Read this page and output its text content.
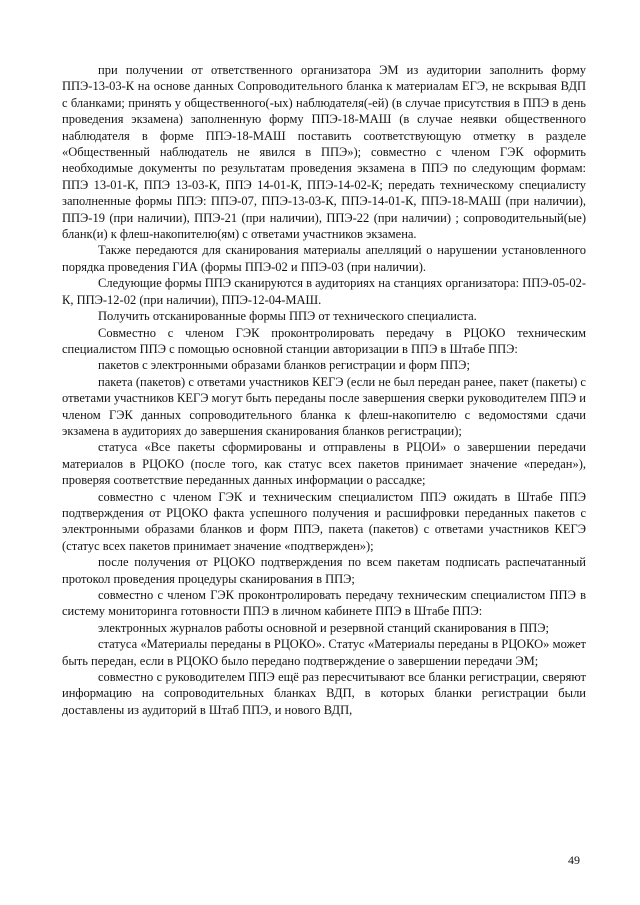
при получении от ответственного организатора ЭМ из аудитории заполнить форму ППЭ-13-03-К на основе данных Сопроводительного бланка к материалам ЕГЭ, не вскрывая ВДП с бланками; принять у общественного(-ых) наблюдателя(-ей) (в случае присутствия в ППЭ в день проведения экзамена) заполненную форму ППЭ-18-МАШ (в случае неявки общественного наблюдателя в форме ППЭ-18-МАШ поставить соответствующую отметку в разделе «Общественный наблюдатель не явился в ППЭ»); совместно с членом ГЭК оформить необходимые документы по результатам проведения экзамена в ППЭ по следующим формам: ППЭ 13-01-К, ППЭ 13-03-К, ППЭ 14-01-К, ППЭ-14-02-К; передать техническому специалисту заполненные формы ППЭ: ППЭ-07, ППЭ-13-03-К, ППЭ-14-01-К, ППЭ-18-МАШ (при наличии), ППЭ-19 (при наличии), ППЭ-21 (при наличии), ППЭ-22 (при наличии) ; сопроводительный(ые) бланк(и) к флеш-накопителю(ям) с ответами участников экзамена.

Также передаются для сканирования материалы апелляций о нарушении установленного порядка проведения ГИА (формы ППЭ-02 и ППЭ-03 (при наличии).

Следующие формы ППЭ сканируются в аудиториях на станциях организатора: ППЭ-05-02-К, ППЭ-12-02 (при наличии), ППЭ-12-04-МАШ.

Получить отсканированные формы ППЭ от технического специалиста.

Совместно с членом ГЭК проконтролировать передачу в РЦОКО техническим специалистом ППЭ с помощью основной станции авторизации в ППЭ в Штабе ППЭ:

пакетов с электронными образами бланков регистрации и форм ППЭ;

пакета (пакетов) с ответами участников КЕГЭ (если не был передан ранее, пакет (пакеты) с ответами участников КЕГЭ могут быть переданы после завершения сверки руководителем ППЭ и членом ГЭК данных сопроводительного бланка к флеш-накопителю с ведомостями сдачи экзамена в аудиториях до завершения сканирования бланков регистрации);

статуса «Все пакеты сформированы и отправлены в РЦОИ» о завершении передачи материалов в РЦОКО (после того, как статус всех пакетов принимает значение «передан»), проверяя соответствие переданных данных информации о рассадке;

совместно с членом ГЭК и техническим специалистом ППЭ ожидать в Штабе ППЭ подтверждения от РЦОКО факта успешного получения и расшифровки переданных пакетов с электронными образами бланков и форм ППЭ, пакета (пакетов) с ответами участников КЕГЭ (статус всех пакетов принимает значение «подтвержден»);

после получения от РЦОКО подтверждения по всем пакетам подписать распечатанный протокол проведения процедуры сканирования в ППЭ;

совместно с членом ГЭК проконтролировать передачу техническим специалистом ППЭ в систему мониторинга готовности ППЭ в личном кабинете ППЭ в Штабе ППЭ:

электронных журналов работы основной и резервной станций сканирования в ППЭ;

статуса «Материалы переданы в РЦОКО». Статус «Материалы переданы в РЦОКО» может быть передан, если в РЦОКО было передано подтверждение о завершении передачи ЭМ;

совместно с руководителем ППЭ ещё раз пересчитывают все бланки регистрации, сверяют информацию на сопроводительных бланках ВДП, в которых бланки регистрации были доставлены из аудиторий в Штаб ППЭ, и нового ВДП,

49
